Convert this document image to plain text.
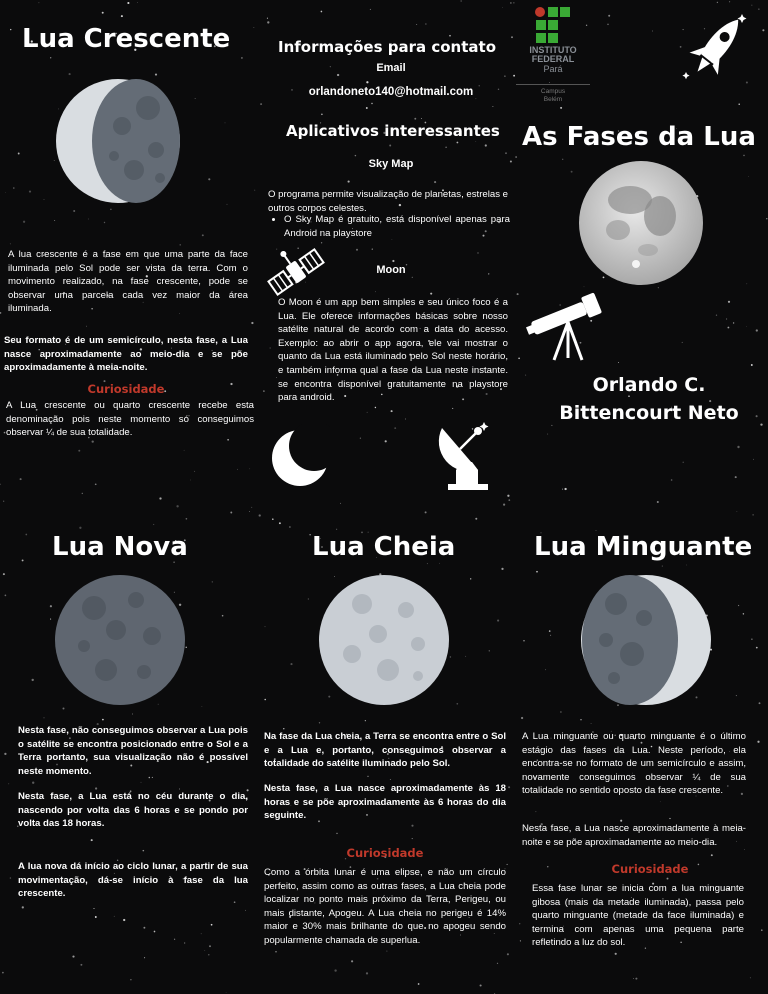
Lua Crescente
A lua crescente é a fase em que uma parte da face iluminada pelo Sol pode ser vista da terra. Com o movimento realizado, na fase crescente, pode se observar uma parcela cada vez maior da área iluminada.
Seu formato é de um semicírculo, nesta fase, a Lua nasce aproximadamente ao meio-dia e se põe aproximadamente à meia-noite.
Curiosidade
A Lua crescente ou quarto crescente recebe esta denominação pois neste momento só conseguimos observar ¼ de sua totalidade.
Informações para contato
Email
orlandoneto140@hotmail.com
Aplicativos interessantes
Sky Map
O programa permite visualização de planetas, estrelas e outros corpos celestes.
• O Sky Map é gratuito, está disponível apenas para Android na playstore
Moon
O Moon é um app bem simples e seu único foco é a Lua. Ele oferece informações básicas sobre nosso satélite natural de acordo com a data do acesso. Exemplo: ao abrir o app agora, ele vai mostrar o quanto da Lua está iluminado pelo Sol neste horário, e também informa qual a fase da Lua neste instante. se encontra disponível gratuitamente na playstore para android.
INSTITUTO
FEDERAL
Pará
Campus
Belém
As Fases da Lua
Orlando C.
Bittencourt Neto
Lua Nova
Nesta fase, não conseguimos observar a Lua pois o satélite se encontra posicionado entre o Sol e a Terra portanto, sua visualização não é possível neste momento.
Nesta fase, a Lua está no céu durante o dia, nascendo por volta das 6 horas e se pondo por volta das 18 horas.
A lua nova dá início ao ciclo lunar, a partir de sua movimentação, dá-se início à fase da lua crescente.
Lua Cheia
Na fase da Lua cheia, a Terra se encontra entre o Sol e a Lua e, portanto, conseguimos observar a totalidade do satélite iluminado pelo Sol.
Nesta fase, a Lua nasce aproximadamente às 18 horas e se põe aproximadamente às 6 horas do dia seguinte.
Curiosidade
Como a órbita lunar é uma elipse, e não um círculo perfeito, assim como as outras fases, a Lua cheia pode localizar no ponto mais próximo da Terra, Perigeu, ou mais distante, Apogeu. A Lua cheia no perigeu é 14% maior e 30% mais brilhante do que no apogeu sendo popularmente chamada de superlua.
Lua Minguante
A Lua minguante ou quarto minguante é o último estágio das fases da Lua. Neste período, ela encontra-se no formato de um semicírculo e assim, novamente conseguimos observar ¼ de sua totalidade no sentido oposto da fase crescente.
Nesta fase, a Lua nasce aproximadamente à meia-noite e se põe aproximadamente ao meio-dia.
Curiosidade
Essa fase lunar se inicia com a lua minguante gibosa (mais da metade iluminada), passa pelo quarto minguante (metade da face iluminada) e termina com apenas uma pequena parte refletindo a luz do sol.
